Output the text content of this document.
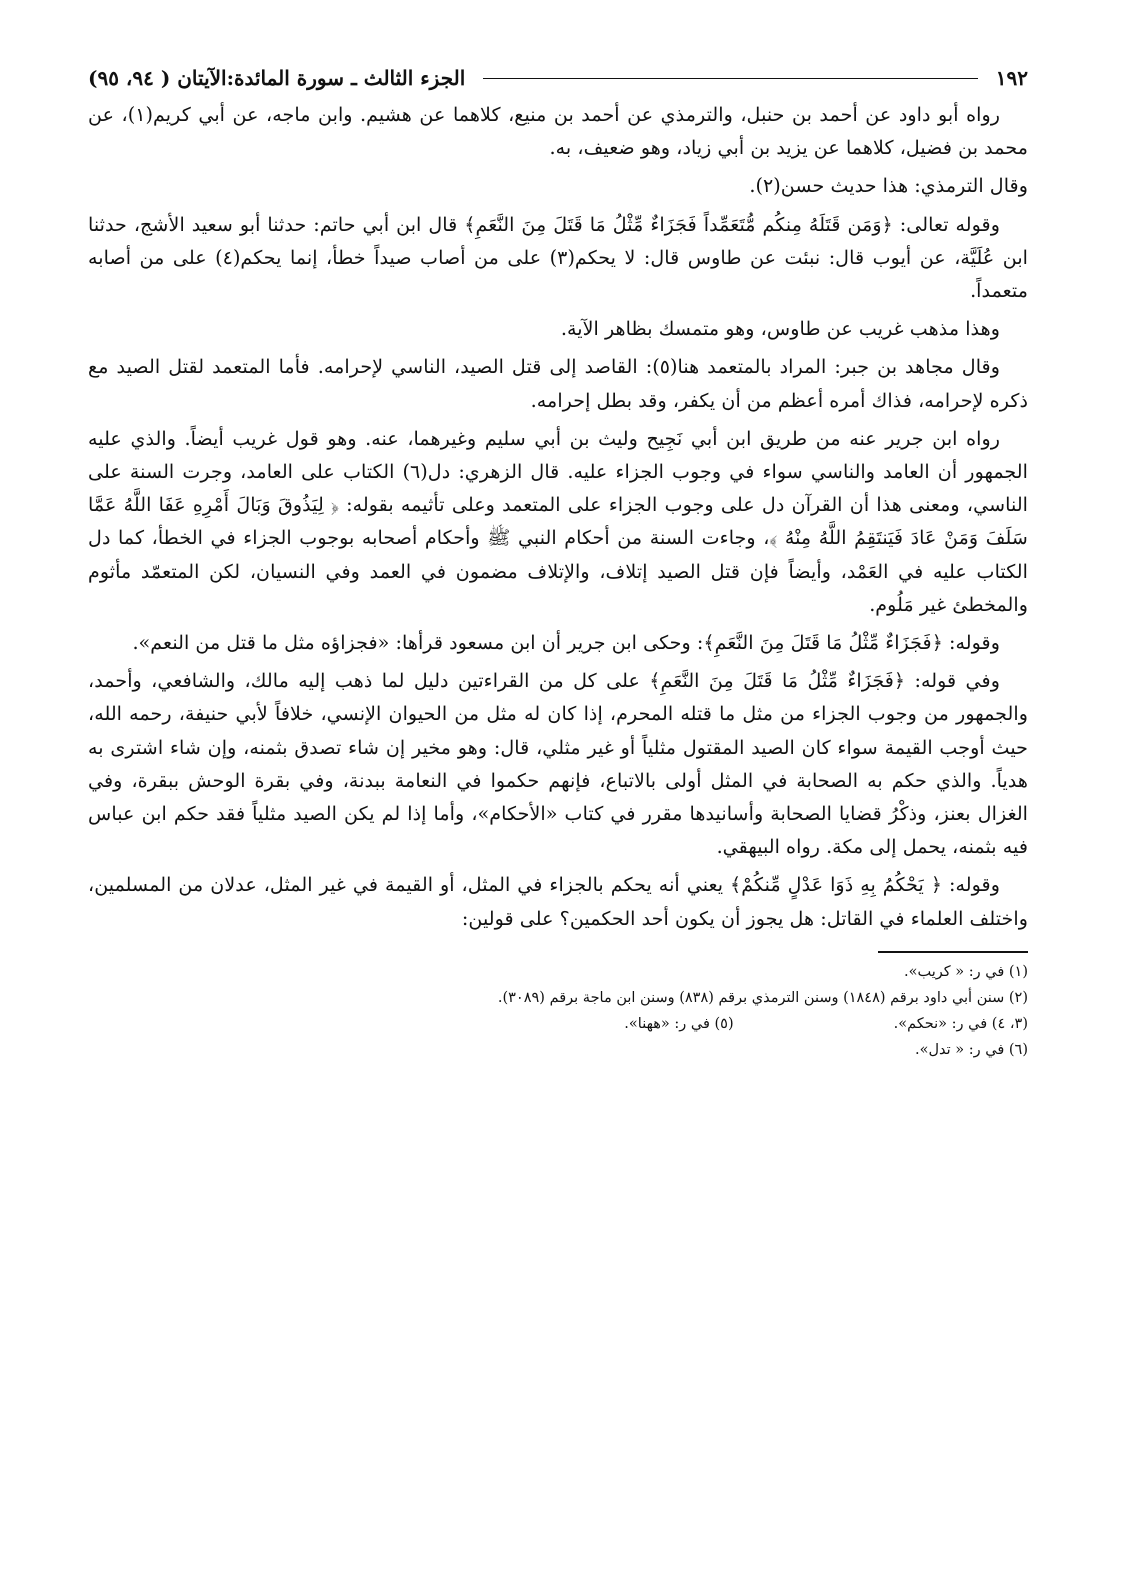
١٩٢
الجزء الثالث ـ سورة المائدة:الآيتان ( ٩٤، ٩٥)

رواه أبو داود عن أحمد بن حنبل، والترمذي عن أحمد بن منيع، كلاهما عن هشيم. وابن ماجه، عن أبي كريم(١)، عن محمد بن فضيل، كلاهما عن يزيد بن أبي زياد، وهو ضعيف، به.

وقال الترمذي: هذا حديث حسن(٢).

وقوله تعالى: ﴿وَمَن قَتَلَهُ مِنكُم مُّتَعَمِّداً فَجَزَاءٌ مِّثْلُ مَا قَتَلَ مِنَ النَّعَمِ﴾ قال ابن أبي حاتم: حدثنا أبو سعيد الأشج، حدثنا ابن عُلَيَّة، عن أيوب قال: نبئت عن طاوس قال: لا يحكم(٣) على من أصاب صيداً خطأ، إنما يحكم(٤) على من أصابه متعمداً.

وهذا مذهب غريب عن طاوس، وهو متمسك بظاهر الآية.

وقال مجاهد بن جبر: المراد بالمتعمد هنا(٥): القاصد إلى قتل الصيد، الناسي لإحرامه. فأما المتعمد لقتل الصيد مع ذكره لإحرامه، فذاك أمره أعظم من أن يكفر، وقد بطل إحرامه.

رواه ابن جرير عنه من طريق ابن أبي نَجِيح وليث بن أبي سليم وغيرهما، عنه. وهو قول غريب أيضاً. والذي عليه الجمهور أن العامد والناسي سواء في وجوب الجزاء عليه. قال الزهري: دل(٦) الكتاب على العامد، وجرت السنة على الناسي، ومعنى هذا أن القرآن دل على وجوب الجزاء على المتعمد وعلى تأثيمه بقوله: ﴿ لِيَذُوقَ وَبَالَ أَمْرِهِ عَفَا اللَّهُ عَمَّا سَلَفَ وَمَنْ عَادَ فَيَنتَقِمُ اللَّهُ مِنْهُ ﴾، وجاءت السنة من أحكام النبي ﷺ وأحكام أصحابه بوجوب الجزاء في الخطأ، كما دل الكتاب عليه في العَمْد، وأيضاً فإن قتل الصيد إتلاف، والإتلاف مضمون في العمد وفي النسيان، لكن المتعمّد مأثوم والمخطئ غير مَلُوم.

وقوله: ﴿فَجَزَاءٌ مِّثْلُ مَا قَتَلَ مِنَ النَّعَمِ﴾: وحكى ابن جرير أن ابن مسعود قرأها: «فجزاؤه مثل ما قتل من النعم».

وفي قوله: ﴿فَجَزَاءٌ مِّثْلُ مَا قَتَلَ مِنَ النَّعَمِ﴾ على كل من القراءتين دليل لما ذهب إليه مالك، والشافعي، وأحمد، والجمهور من وجوب الجزاء من مثل ما قتله المحرم، إذا كان له مثل من الحيوان الإنسي، خلافاً لأبي حنيفة، رحمه الله، حيث أوجب القيمة سواء كان الصيد المقتول مثلياً أو غير مثلي، قال: وهو مخير إن شاء تصدق بثمنه، وإن شاء اشترى به هدياً. والذي حكم به الصحابة في المثل أولى بالاتباع، فإنهم حكموا في النعامة ببدنة، وفي بقرة الوحش ببقرة، وفي الغزال بعنز، وذكْرُ قضايا الصحابة وأسانيدها مقرر في كتاب «الأحكام»، وأما إذا لم يكن الصيد مثلياً فقد حكم ابن عباس فيه بثمنه، يحمل إلى مكة. رواه البيهقي.

وقوله: ﴿ يَحْكُمُ بِهِ ذَوَا عَدْلٍ مِّنكُمْ﴾ يعني أنه يحكم بالجزاء في المثل، أو القيمة في غير المثل، عدلان من المسلمين، واختلف العلماء في القاتل: هل يجوز أن يكون أحد الحكمين؟ على قولين:

(١) في ر: « كريب».

(٢) سنن أبي داود برقم (١٨٤٨) وسنن الترمذي برقم (٨٣٨) وسنن ابن ماجة برقم (٣٠٨٩).

(٣، ٤) في ر: «نحكم».
(٥) في ر: «ههنا».

(٦) في ر: « تدل».
